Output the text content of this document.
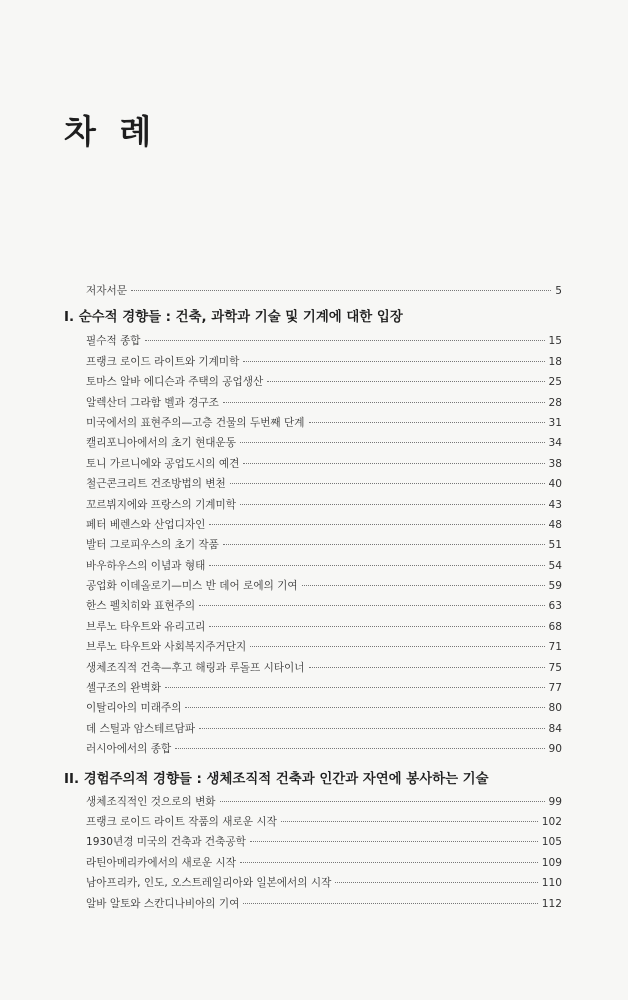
차 례
저자서문	5
I. 순수적 경향들 : 건축, 과학과 기술 및 기계에 대한 입장
필수적 종합	15
프랭크 로이드 라이트와 기계미학	18
토마스 알바 에디슨과 주택의 공업생산	25
알렉산더 그라함 벨과 경구조	28
미국에서의 표현주의—고층 건물의 두번째 단계	31
캘리포니아에서의 초기 현대운동	34
토니 가르니에와 공업도시의 예견	38
철근콘크리트 건조방법의 변천	40
꼬르뷔지에와 프랑스의 기계미학	43
페터 베렌스와 산업디자인	48
발터 그로피우스의 초기 작품	51
바우하우스의 이념과 형태	54
공업화 이데올로기—미스 반 데어 로에의 기여	59
한스 펠치히와 표현주의	63
브루노 타우트와 유리고리	68
브루노 타우트와 사회복지주거단지	71
생체조직적 건축—후고 해링과 루돌프 시타이너	75
셸구조의 완벽화	77
이탈리아의 미래주의	80
데 스틸과 암스테르담파	84
러시아에서의 종합	90
II. 경험주의적 경향들 : 생체조직적 건축과 인간과 자연에 봉사하는 기술
생체조직적인 것으로의 변화	99
프랭크 로이드 라이트 작품의 새로운 시작	102
1930년경 미국의 건축과 건축공학	105
라틴아메리카에서의 새로운 시작	109
남아프리카, 인도, 오스트레일리아와 일본에서의 시작	110
알바 알토와 스칸디나비아의 기여	112
